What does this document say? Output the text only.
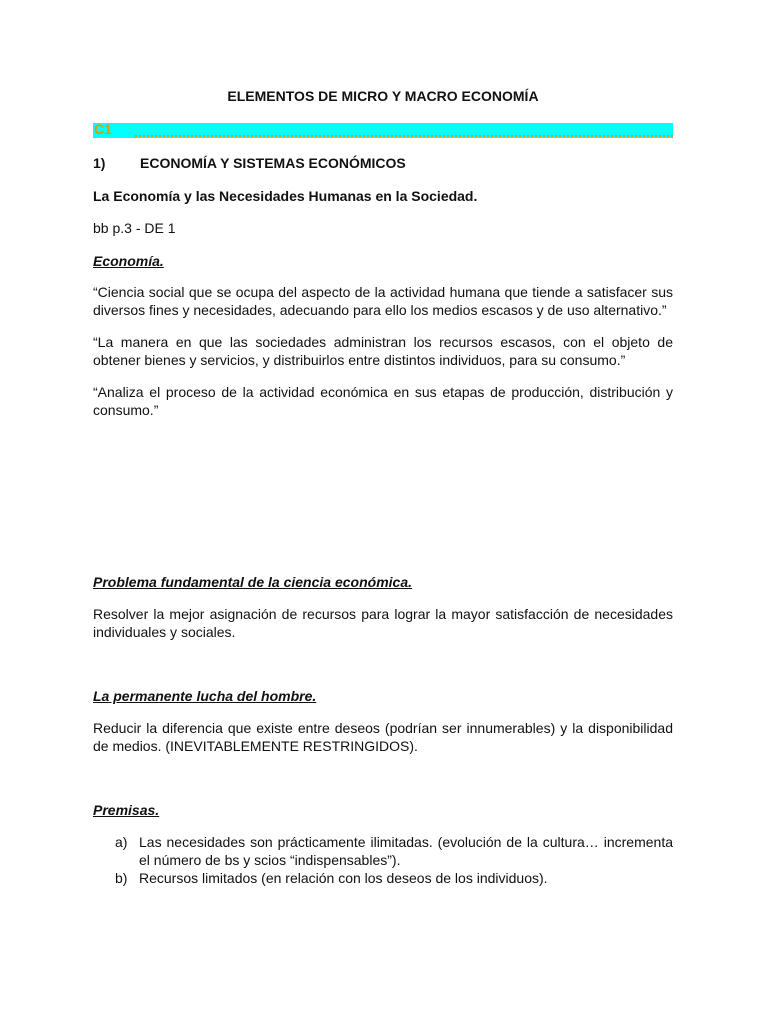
ELEMENTOS DE MICRO Y MACRO ECONOMÍA
C1
1) ECONOMÍA Y SISTEMAS ECONÓMICOS
La Economía y las Necesidades Humanas en la Sociedad.
bb p.3 - DE 1
Economía.
“Ciencia social que se ocupa del aspecto de la actividad humana que tiende a satisfacer sus diversos fines y necesidades, adecuando para ello los medios escasos y de uso alternativo.”
“La manera en que las sociedades administran los recursos escasos, con el objeto de obtener bienes y servicios, y distribuirlos entre distintos individuos, para su consumo.”
“Analiza el proceso de la actividad económica en sus etapas de producción, distribución y consumo.”
Problema fundamental de la ciencia económica.
Resolver la mejor asignación de recursos para lograr la mayor satisfacción de necesidades individuales y sociales.
La permanente lucha del hombre.
Reducir la diferencia que existe entre deseos (podrían ser innumerables) y la disponibilidad de medios. (INEVITABLEMENTE RESTRINGIDOS).
Premisas.
a) Las necesidades son prácticamente ilimitadas. (evolución de la cultura… incrementa el número de bs y scios “indispensables”).
b) Recursos limitados (en relación con los deseos de los individuos).
